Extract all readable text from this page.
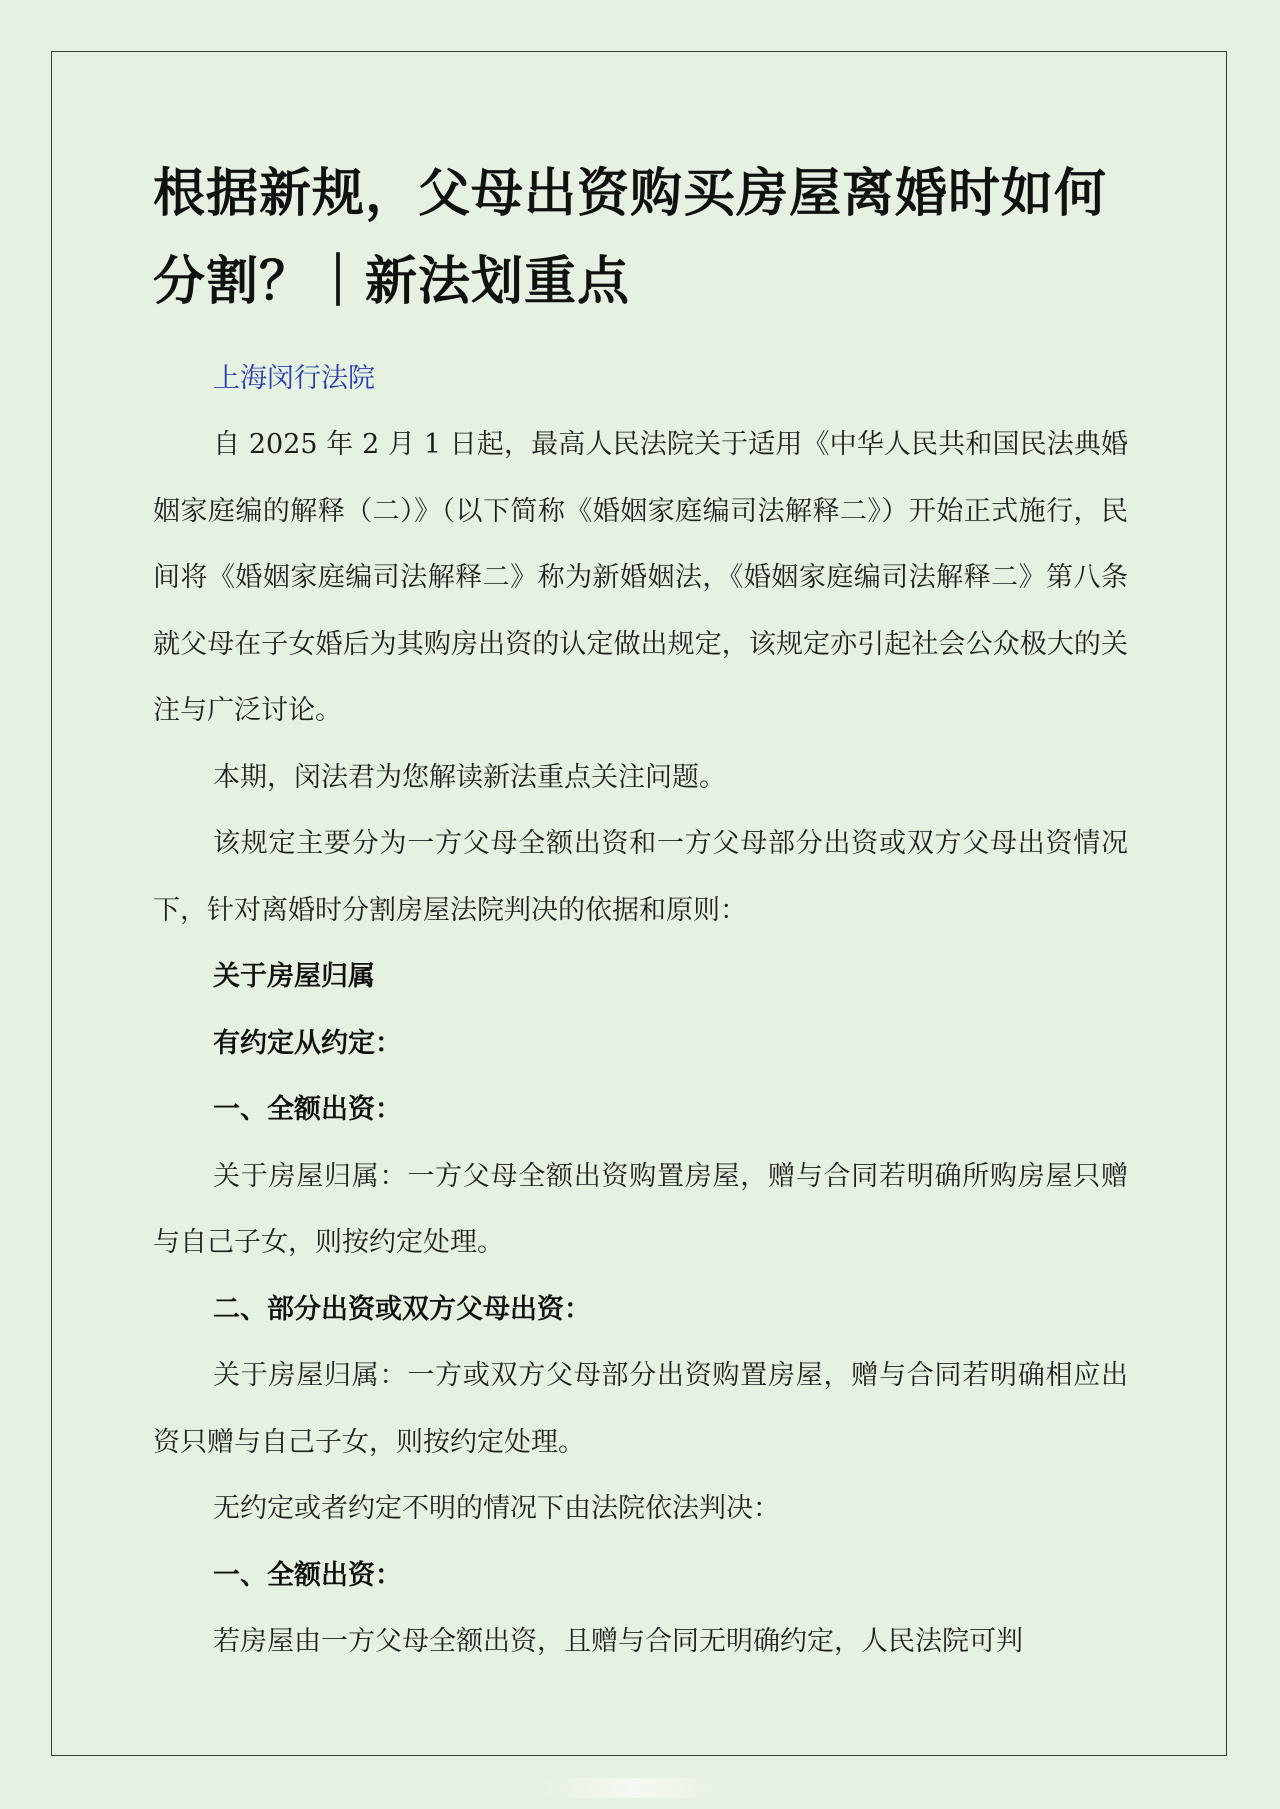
根据新规，父母出资购买房屋离婚时如何分割？｜新法划重点
上海闵行法院

自 2025 年 2 月 1 日起，最高人民法院关于适用《中华人民共和国民法典婚姻家庭编的解释（二）》（以下简称《婚姻家庭编司法解释二》）开始正式施行，民间将《婚姻家庭编司法解释二》称为新婚姻法，《婚姻家庭编司法解释二》第八条就父母在子女婚后为其购房出资的认定做出规定，该规定亦引起社会公众极大的关注与广泛讨论。

本期，闵法君为您解读新法重点关注问题。

该规定主要分为一方父母全额出资和一方父母部分出资或双方父母出资情况下，针对离婚时分割房屋法院判决的依据和原则：

关于房屋归属

有约定从约定：

一、全额出资：

关于房屋归属：一方父母全额出资购置房屋，赠与合同若明确所购房屋只赠与自己子女，则按约定处理。

二、部分出资或双方父母出资：

关于房屋归属：一方或双方父母部分出资购置房屋，赠与合同若明确相应出资只赠与自己子女，则按约定处理。

无约定或者约定不明的情况下由法院依法判决：

一、全额出资：

若房屋由一方父母全额出资，且赠与合同无明确约定，人民法院可判
